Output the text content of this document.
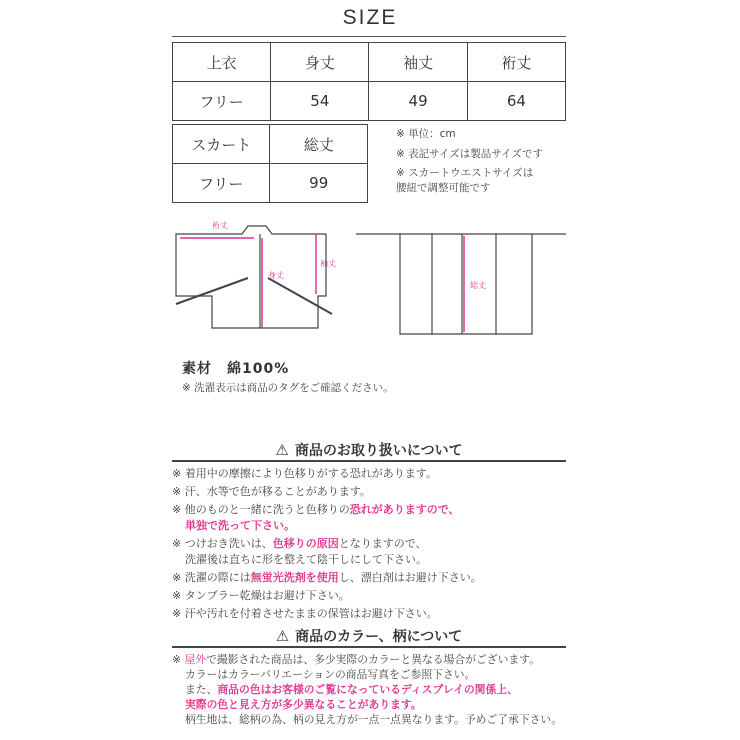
SIZE
上衣	身丈	袖丈	裄丈
フリー	54	49	64
スカート	総丈
フリー	99
※ 単位：cm
※ 表記サイズは製品サイズです
※ スカートウエストサイズは
腰紐で調整可能です
裄丈
身丈
袖丈
総丈
素材　綿100%
※ 洗濯表示は商品のタグをご確認ください。
⚠ 商品のお取り扱いについて
※ 着用中の摩擦により色移りがする恐れがあります。
※ 汗、水等で色が移ることがあります。
※ 他のものと一緒に洗うと色移りの恐れがありますので、
単独で洗って下さい。
※ つけおき洗いは、色移りの原因となりますので、
洗濯後は直ちに形を整えて陰干しにして下さい。
※ 洗濯の際には無蛍光洗剤を使用し、漂白剤はお避け下さい。
※ タンブラー乾燥はお避け下さい。
※ 汗や汚れを付着させたままの保管はお避け下さい。
⚠ 商品のカラー、柄について
※ 屋外で撮影された商品は、多少実際のカラーと異なる場合がございます。
カラーはカラーバリエーションの商品写真をご参照下さい。
また、商品の色はお客様のご覧になっているディスプレイの関係上、
実際の色と見え方が多少異なることがあります。
柄生地は、総柄の為、柄の見え方が一点一点異なります。予めご了承下さい。
